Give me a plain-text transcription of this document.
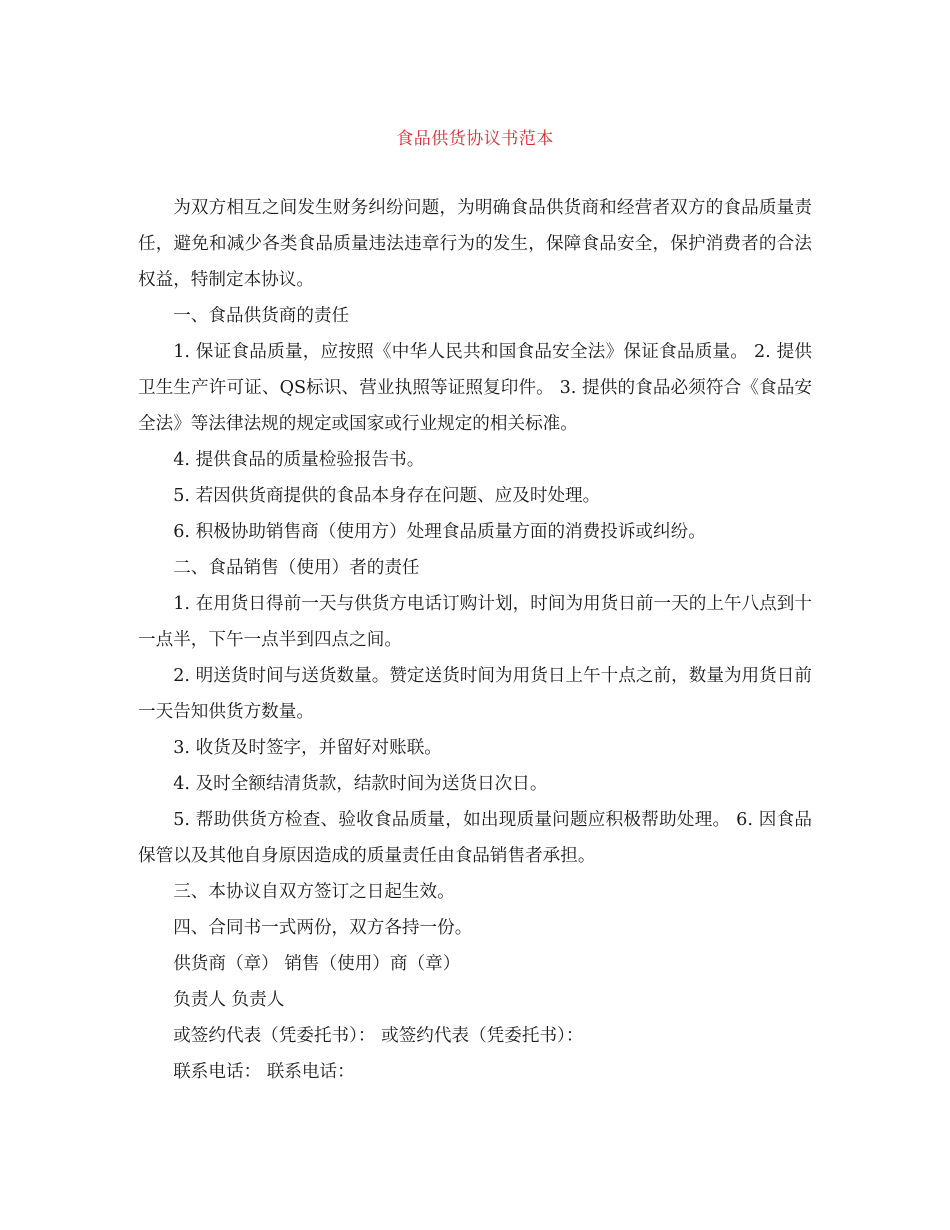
食品供货协议书范本

为双方相互之间发生财务纠纷问题，为明确食品供货商和经营者双方的食品质量责任，避免和减少各类食品质量违法违章行为的发生，保障食品安全，保护消费者的合法权益，特制定本协议。

一、食品供货商的责任

1. 保证食品质量，应按照《中华人民共和国食品安全法》保证食品质量。 2. 提供卫生生产许可证、QS标识、营业执照等证照复印件。 3. 提供的食品必须符合《食品安全法》等法律法规的规定或国家或行业规定的相关标准。

4. 提供食品的质量检验报告书。

5. 若因供货商提供的食品本身存在问题、应及时处理。

6. 积极协助销售商（使用方）处理食品质量方面的消费投诉或纠纷。

二、食品销售（使用）者的责任

1. 在用货日得前一天与供货方电话订购计划，时间为用货日前一天的上午八点到十一点半，下午一点半到四点之间。

2. 明送货时间与送货数量。赞定送货时间为用货日上午十点之前，数量为用货日前一天告知供货方数量。

3. 收货及时签字，并留好对账联。

4. 及时全额结清货款，结款时间为送货日次日。

5. 帮助供货方检查、验收食品质量，如出现质量问题应积极帮助处理。 6. 因食品保管以及其他自身原因造成的质量责任由食品销售者承担。

三、本协议自双方签订之日起生效。

四、合同书一式两份，双方各持一份。

供货商（章） 销售（使用）商（章）

负责人 负责人

或签约代表（凭委托书）： 或签约代表（凭委托书）：

联系电话： 联系电话：
